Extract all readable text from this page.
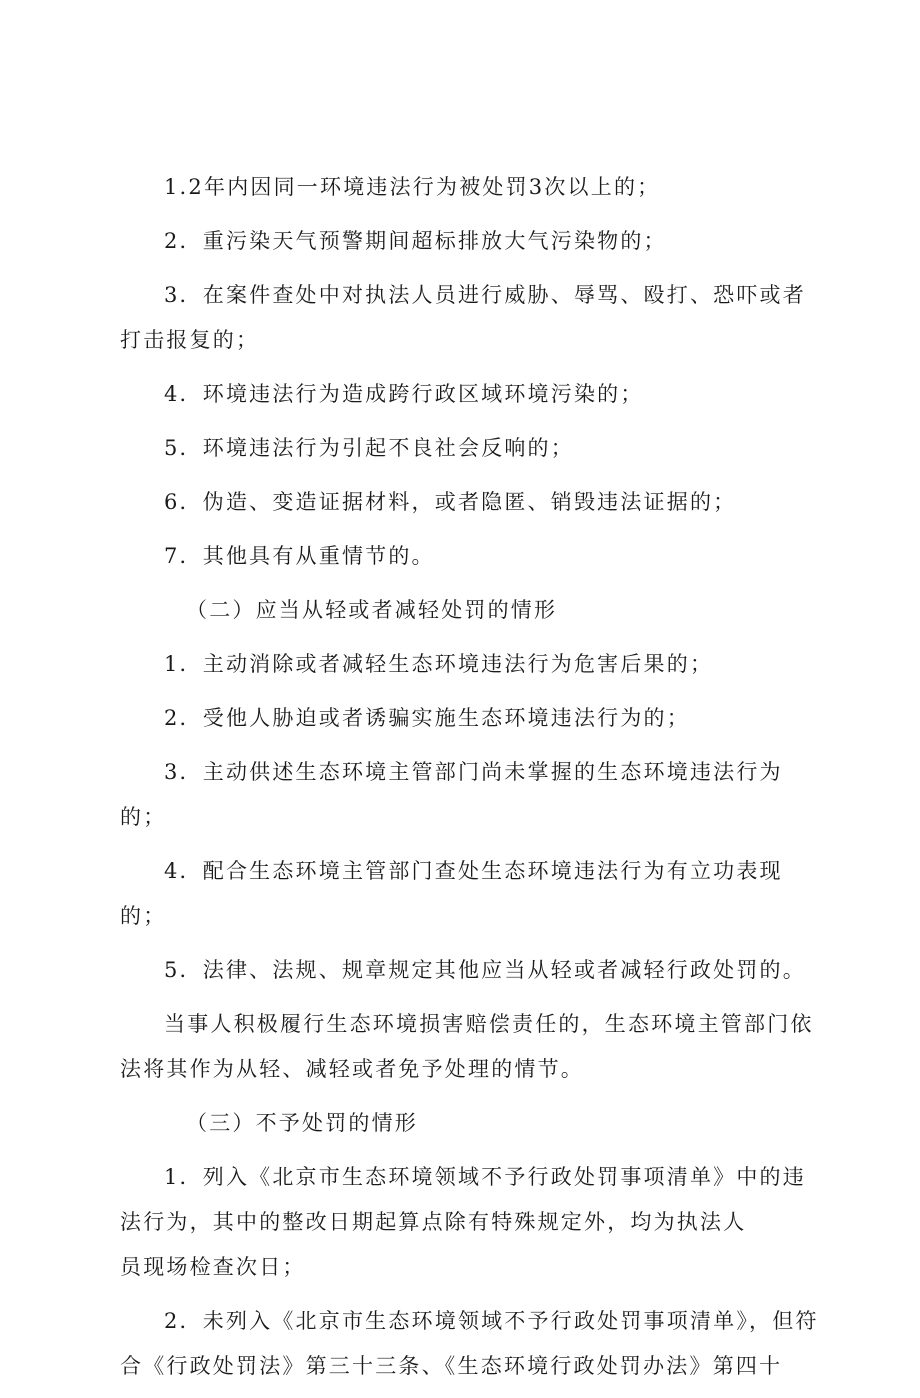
1.2年内因同一环境违法行为被处罚3次以上的；

2．重污染天气预警期间超标排放大气污染物的；

3．在案件查处中对执法人员进行威胁、辱骂、殴打、恐吓或者打击报复的；

4．环境违法行为造成跨行政区域环境污染的；

5．环境违法行为引起不良社会反响的；

6．伪造、变造证据材料，或者隐匿、销毁违法证据的；

7．其他具有从重情节的。

（二）应当从轻或者减轻处罚的情形

1．主动消除或者减轻生态环境违法行为危害后果的；

2．受他人胁迫或者诱骗实施生态环境违法行为的；

3．主动供述生态环境主管部门尚未掌握的生态环境违法行为的；

4．配合生态环境主管部门查处生态环境违法行为有立功表现的；

5．法律、法规、规章规定其他应当从轻或者减轻行政处罚的。

当事人积极履行生态环境损害赔偿责任的，生态环境主管部门依法将其作为从轻、减轻或者免予处理的情节。

（三）不予处罚的情形

1．列入《北京市生态环境领域不予行政处罚事项清单》中的违法行为，其中的整改日期起算点除有特殊规定外，均为执法人

员现场检查次日；

2．未列入《北京市生态环境领域不予行政处罚事项清单》，但符合《行政处罚法》第三十三条、《生态环境行政处罚办法》第四十
